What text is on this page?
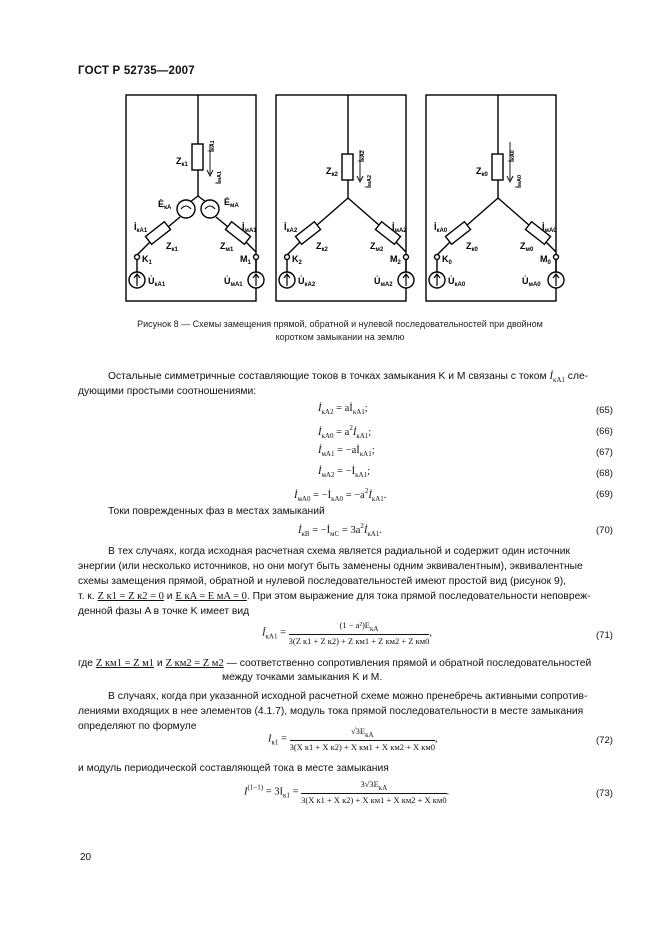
ГОСТ Р 52735—2007
$Z_{к1}$
İкA1
İмA1
$Ė_{кA}$
$Ė_{мA}$
$İ_{кA1}$	$İ_{мA1}$
$Z_{к1}$	$Z_{м1}$
$K_1$	$M_1$
$U̇_{кA1}$	$U̇_{мA1}$
$Z_{к2}$
İкA2
İмA2
$İ_{кA2}$	$İ_{мA2}$
$Z_{к2}$	$Z_{м2}$
$K_2$	$M_2$
$U̇_{кA2}$	$U̇_{мA2}$
$Z_{к0}$
İкA0
İмA0
$İ_{кA0}$	$İ_{мA0}$
$Z_{к0}$	$Z_{м0}$
$K_0$	$M_0$
$U̇_{кA0}$	$U̇_{мA0}$
Рисунок 8 — Схемы замещения прямой, обратной и нулевой последовательностей при двойном
коротком замыкании на землю
Остальные симметричные составляющие токов в точках замыкания K и M связаны с током $İ_{кA1}$ сле-
дующими простыми соотношениями:
$İ_{кA2}$ = $aİ_{кA1}$;	(65)
$İ_{кA0}$ = $a^2İ_{кA1}$;	(66)
$İ_{мA1}$ = $-aİ_{кA1}$;	(67)
$İ_{мA2}$ = $-İ_{кA1}$;	(68)
$İ_{мA0}$ = $-İ_{кA0}$ = $-a^2İ_{кA1}$.	(69)
Токи поврежденных фаз в местах замыканий
$İ_{кB}$ = $-İ_{мC}$ = $3a^2İ_{кA1}$.	(70)
В тех случаях, когда исходная расчетная схема является радиальной и содержит один источник
энергии (или несколько источников, но они могут быть заменены одним эквивалентным), эквивалентные
схемы замещения прямой, обратной и нулевой последовательностей имеют простой вид (рисунок 9),
т. к. Z к1 = Z к2 = 0 и E кA = E мA = 0. При этом выражение для тока прямой последовательности неповреж-
денной фазы A в точке K имеет вид
$İ_{кA1} = \frac{(1 - a^2)E_{кA}}{\text{3(Z к1 + Z к2) + Z км1 + Z км2 + Z км0}}$ ,	(71)
где Z км1 = Z м1 и Z км2 = Z м2 — соответственно сопротивления прямой и обратной последовательностей
между точками замыкания K и M.
В случаях, когда при указанной исходной расчетной схеме можно пренебречь активными сопротив-
лениями входящих в нее элементов (4.1.7), модуль тока прямой последовательности в месте замыкания
определяют по формуле
$I_{к1} = \frac{√3E_{кA}}{\text{3(X к1 + X к2) + X км1 + X км2 + X км0}}$ ,	(72)
и модуль периодической составляющей тока в месте замыкания
$I^{(1-1)} = 3I_{к1} = \frac{3√3E_{кA}}{\text{3(X к1 + X к2) + X км1 + X км2 + X км0}}$ .	(73)
20
